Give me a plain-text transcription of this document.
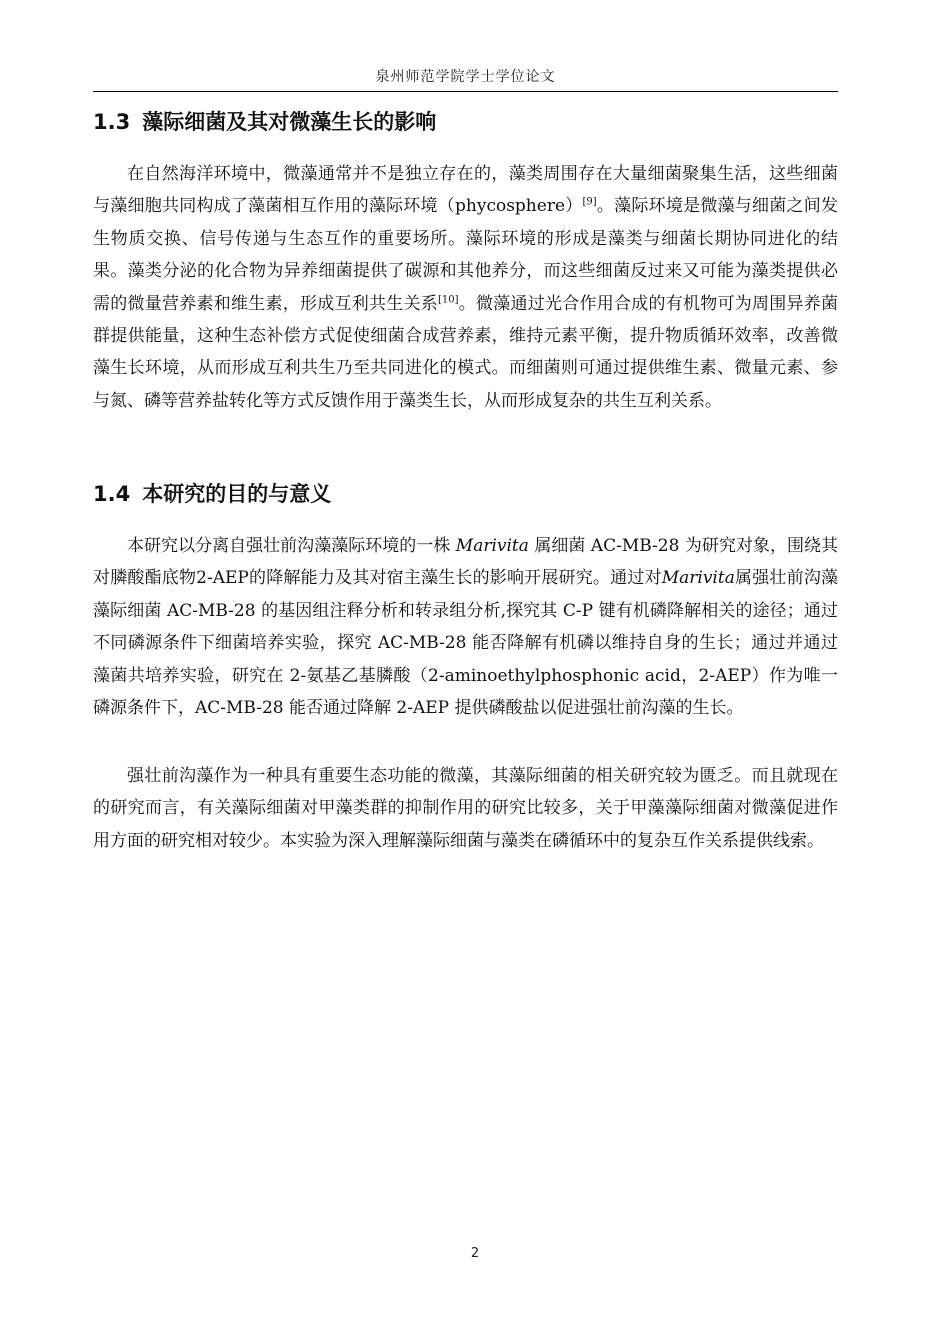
泉州师范学院学士学位论文
1.3 藻际细菌及其对微藻生长的影响

在自然海洋环境中，微藻通常并不是独立存在的，藻类周围存在大量细菌聚集生活，这些细菌与藻细胞共同构成了藻菌相互作用的藻际环境（phycosphere）[9]。藻际环境是微藻与细菌之间发生物质交换、信号传递与生态互作的重要场所。藻际环境的形成是藻类与细菌长期协同进化的结果。藻类分泌的化合物为异养细菌提供了碳源和其他养分，而这些细菌反过来又可能为藻类提供必需的微量营养素和维生素，形成互利共生关系[10]。微藻通过光合作用合成的有机物可为周围异养菌群提供能量，这种生态补偿方式促使细菌合成营养素，维持元素平衡，提升物质循环效率，改善微藻生长环境，从而形成互利共生乃至共同进化的模式。而细菌则可通过提供维生素、微量元素、参与氮、磷等营养盐转化等方式反馈作用于藻类生长，从而形成复杂的共生互利关系。

1.4 本研究的目的与意义

本研究以分离自强壮前沟藻藻际环境的一株 Marivita 属细菌 AC-MB-28 为研究对象，围绕其对膦酸酯底物2-AEP的降解能力及其对宿主藻生长的影响开展研究。通过对Marivita属强壮前沟藻藻际细菌 AC-MB-28 的基因组注释分析和转录组分析,探究其 C-P 键有机磷降解相关的途径；通过不同磷源条件下细菌培养实验，探究 AC-MB-28 能否降解有机磷以维持自身的生长；通过并通过藻菌共培养实验，研究在 2-氨基乙基膦酸（2-aminoethylphosphonic acid，2-AEP）作为唯一磷源条件下，AC-MB-28 能否通过降解 2-AEP 提供磷酸盐以促进强壮前沟藻的生长。

强壮前沟藻作为一种具有重要生态功能的微藻，其藻际细菌的相关研究较为匮乏。而且就现在的研究而言，有关藻际细菌对甲藻类群的抑制作用的研究比较多，关于甲藻藻际细菌对微藻促进作用方面的研究相对较少。本实验为深入理解藻际细菌与藻类在磷循环中的复杂互作关系提供线索。

2
